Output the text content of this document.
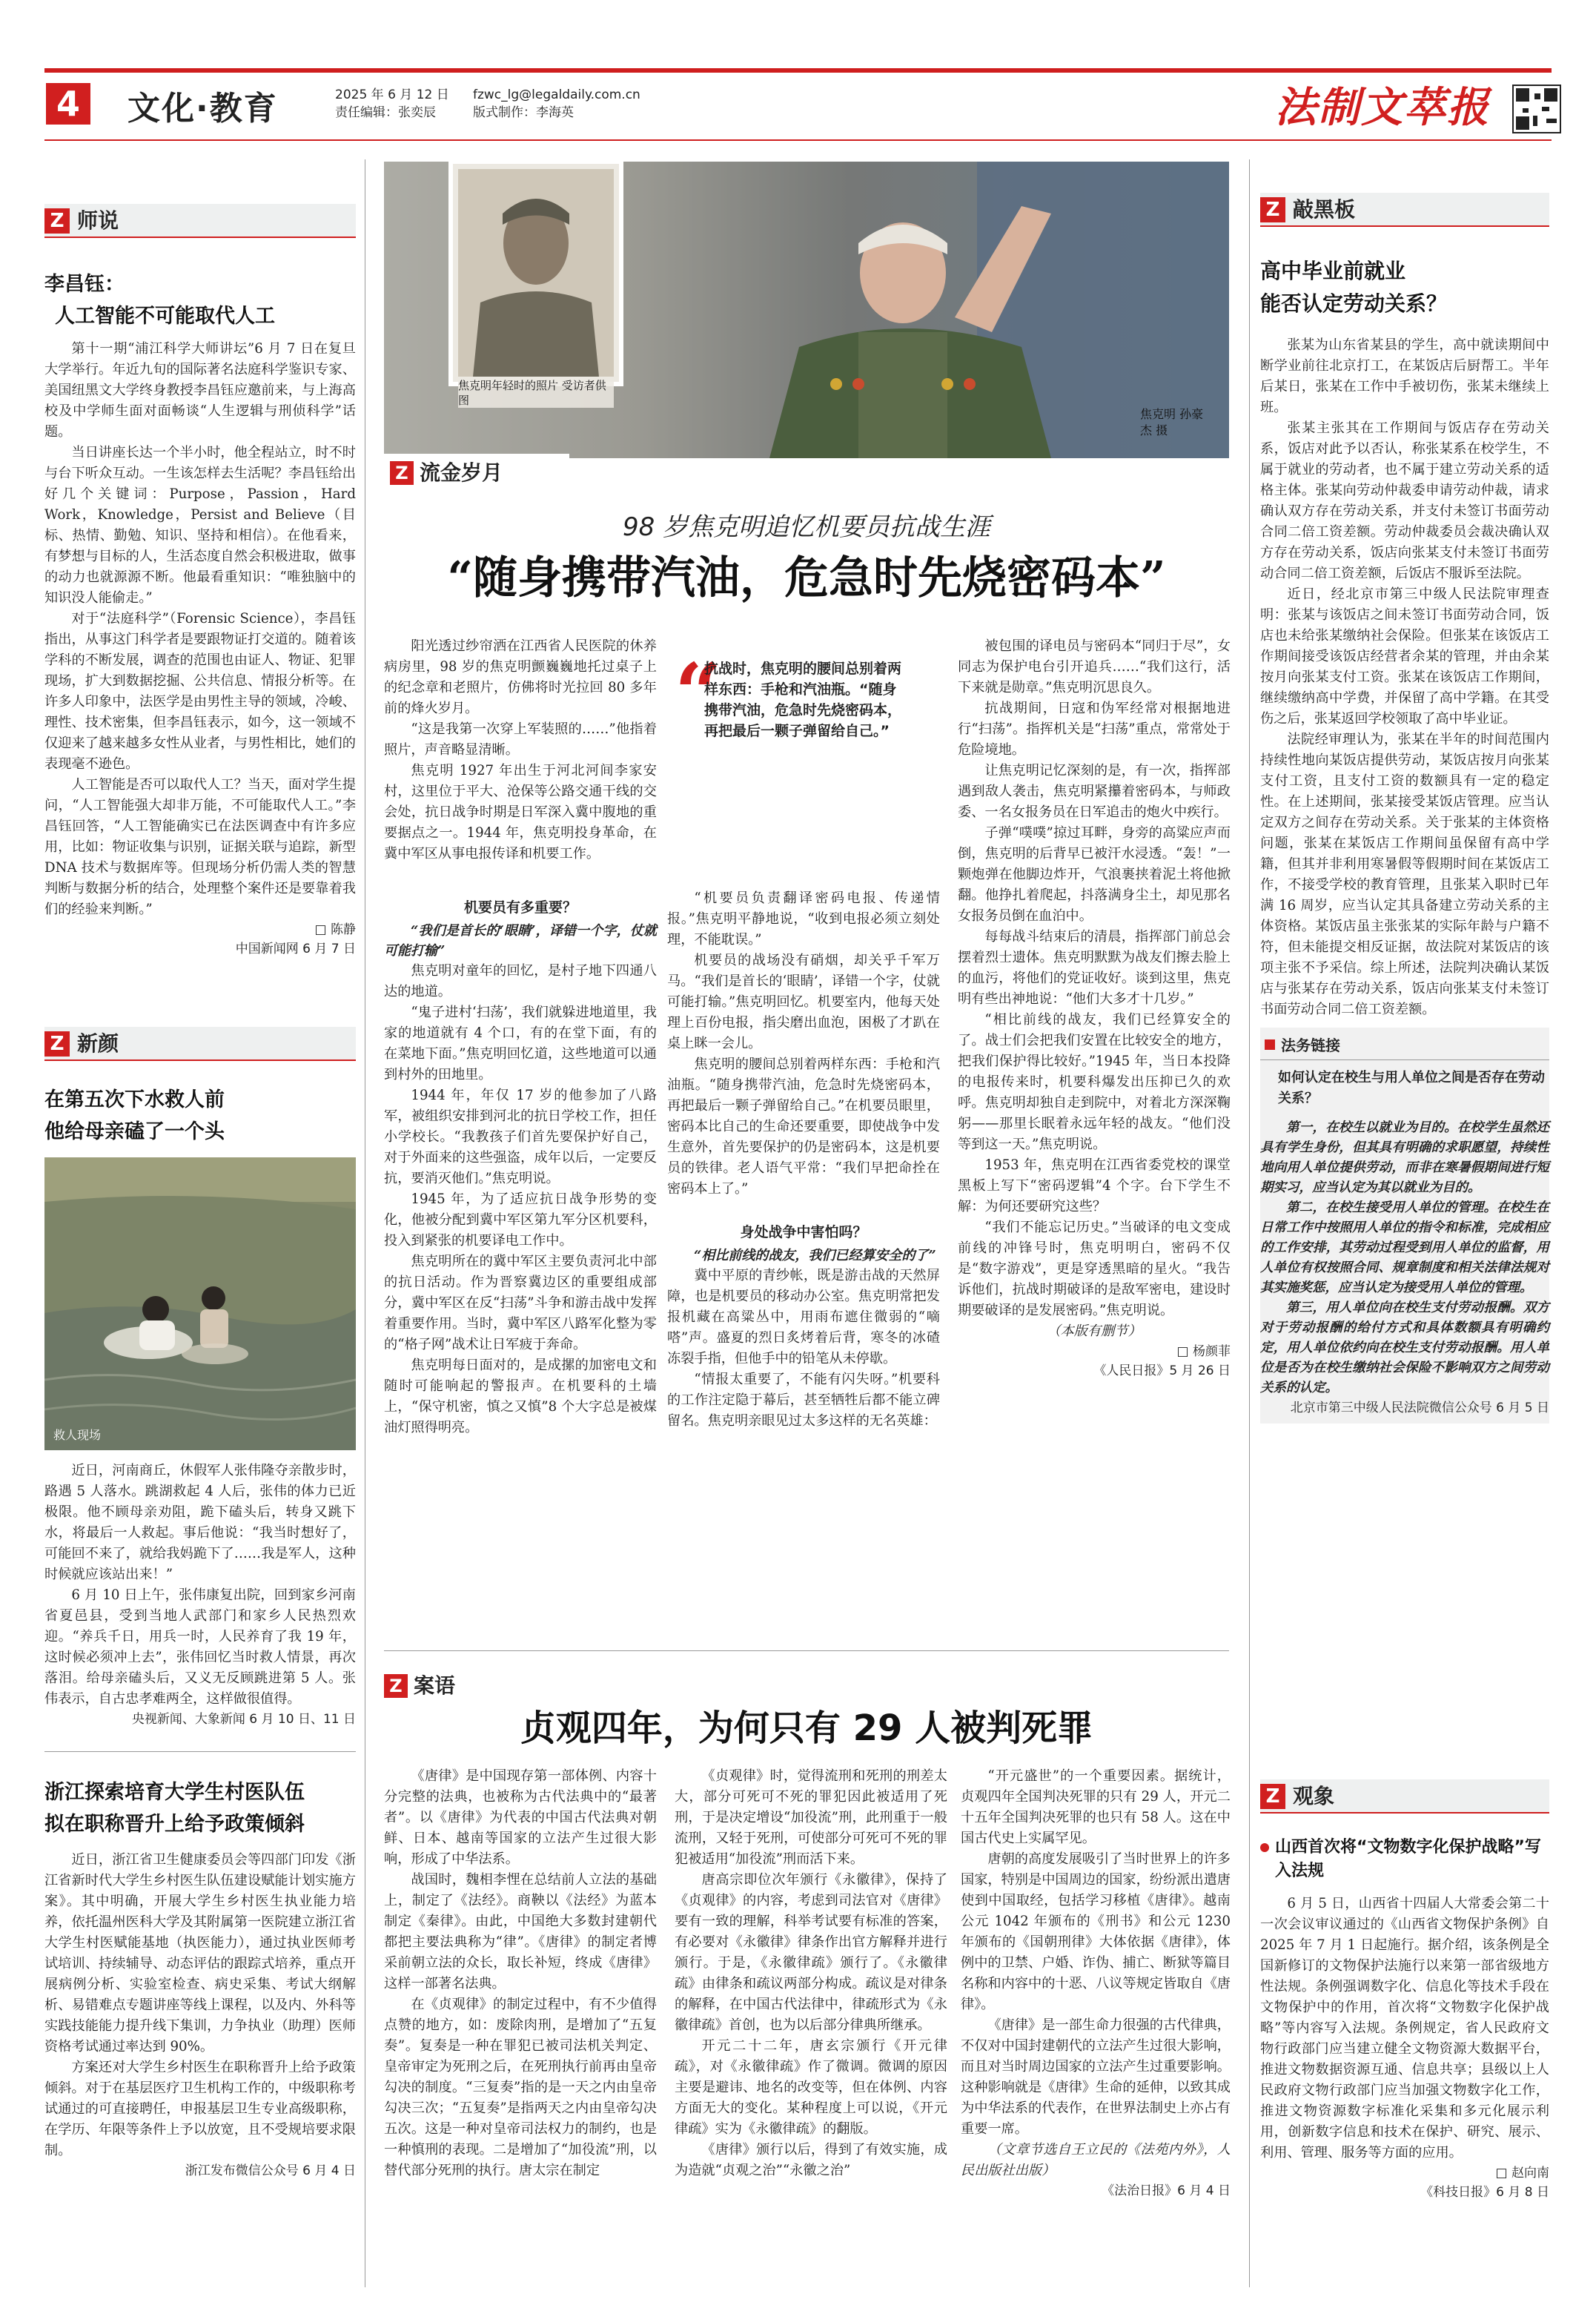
4	文化·教育	2025 年 6 月 12 日
责任编辑：张奕辰
fzwc_lg@legaldaily.com.cn
版式制作：李海英	法制文萃报
Z 师说
李昌钰：
人工智能不可能取代人工

第十一期“浦江科学大师讲坛”6 月 7 日在复旦大学举行。年近九旬的国际著名法庭科学鉴识专家、美国纽黑文大学终身教授李昌钰应邀前来，与上海高校及中学师生面对面畅谈“人生逻辑与刑侦科学”话题。

当日讲座长达一个半小时，他全程站立，时不时与台下听众互动。一生该怎样去生活呢？李昌钰给出好几个关键词：Purpose，Passion，Hard Work，Knowledge，Persist and Believe（目标、热情、勤勉、知识、坚持和相信）。在他看来，有梦想与目标的人，生活态度自然会积极进取，做事的动力也就源源不断。他最看重知识：“唯独脑中的知识没人能偷走。”

对于“法庭科学”（Forensic Science），李昌钰指出，从事这门科学者是要跟物证打交道的。随着该学科的不断发展，调查的范围也由证人、物证、犯罪现场，扩大到数据挖掘、公共信息、情报分析等。在许多人印象中，法医学是由男性主导的领域，冷峻、理性、技术密集，但李昌钰表示，如今，这一领域不仅迎来了越来越多女性从业者，与男性相比，她们的表现毫不逊色。

人工智能是否可以取代人工？当天，面对学生提问，“人工智能强大却非万能，不可能取代人工。”李昌钰回答，“人工智能确实已在法医调查中有许多应用，比如：物证收集与识别，证据关联与追踪，新型 DNA 技术与数据库等。但现场分析仍需人类的智慧判断与数据分析的结合，处理整个案件还是要靠着我们的经验来判断。”

□ 陈静
中国新闻网 6 月 7 日
Z 新颜
在第五次下水救人前
他给母亲磕了一个头
救人现场

近日，河南商丘，休假军人张伟隆夺亲散步时，路遇 5 人落水。跳湖救起 4 人后，张伟的体力已近极限。他不顾母亲劝阻，跪下磕头后，转身又跳下水，将最后一人救起。事后他说：“我当时想好了，可能回不来了，就给我妈跪下了……我是军人，这种时候就应该站出来！”

6 月 10 日上午，张伟康复出院，回到家乡河南省夏邑县，受到当地人武部门和家乡人民热烈欢迎。“养兵千日，用兵一时，人民养育了我 19 年，这时候必须冲上去”，张伟回忆当时救人情景，再次落泪。给母亲磕头后，又义无反顾跳进第 5 人。张伟表示，自古忠孝难两全，这样做很值得。

央视新闻、大象新闻 6 月 10 日、11 日
浙江探索培育大学生村医队伍
拟在职称晋升上给予政策倾斜

近日，浙江省卫生健康委员会等四部门印发《浙江省新时代大学生乡村医生队伍建设赋能计划实施方案》。其中明确，开展大学生乡村医生执业能力培养，依托温州医科大学及其附属第一医院建立浙江省大学生村医赋能基地（执医能力），通过执业医师考试培训、持续辅导、动态评估的跟踪式培养，重点开展病例分析、实验室检查、病史采集、考试大纲解析、易错难点专题讲座等线上课程，以及内、外科等实践技能能力提升线下集训，力争执业（助理）医师资格考试通过率达到 90%。

方案还对大学生乡村医生在职称晋升上给予政策倾斜。对于在基层医疗卫生机构工作的，中级职称考试通过的可直接聘任，申报基层卫生专业高级职称，在学历、年限等条件上予以放宽，且不受规培要求限制。

浙江发布微信公众号 6 月 4 日
焦克明年轻时的照片 受访者供图
焦克明 孙豪杰 摄
Z 流金岁月
98 岁焦克明追忆机要员抗战生涯
“随身携带汽油，危急时先烧密码本”

阳光透过纱帘洒在江西省人民医院的休养病房里，98 岁的焦克明颤巍巍地托过桌子上的纪念章和老照片，仿佛将时光拉回 80 多年前的烽火岁月。

“这是我第一次穿上军装照的……”他指着照片，声音略显清晰。

焦克明 1927 年出生于河北河间李家安村，这里位于平大、沧保等公路交通干线的交会处，抗日战争时期是日军深入冀中腹地的重要据点之一。1944 年，焦克明投身革命，在冀中军区从事电报传译和机要工作。

机要员有多重要？
“我们是首长的‘眼睛’，译错一个字，仗就可能打输”

焦克明对童年的回忆，是村子地下四通八达的地道。

“鬼子进村‘扫荡’，我们就躲进地道里，我家的地道就有 4 个口，有的在堂下面，有的在菜地下面。”焦克明回忆道，这些地道可以通到村外的田地里。

1944 年，年仅 17 岁的他参加了八路军，被组织安排到河北的抗日学校工作，担任小学校长。“我教孩子们首先要保护好自己，对于外面来的这些强盗，成年以后，一定要反抗，要消灭他们。”焦克明说。

1945 年，为了适应抗日战争形势的变化，他被分配到冀中军区第九军分区机要科，投入到紧张的机要译电工作中。

焦克明所在的冀中军区主要负责河北中部的抗日活动。作为晋察冀边区的重要组成部分，冀中军区在反“扫荡”斗争和游击战中发挥着重要作用。当时，冀中军区八路军化整为零的“格子网”战术让日军疲于奔命。

焦克明每日面对的，是成摞的加密电文和随时可能响起的警报声。在机要科的土墙上，“保守机密，慎之又慎”8 个大字总是被煤油灯照得明亮。

“
抗战时，焦克明的腰间总别着两样东西：手枪和汽油瓶。“随身携带汽油，危急时先烧密码本，再把最后一颗子弹留给自己。”

“机要员负责翻译密码电报、传递情报。”焦克明平静地说，“收到电报必须立刻处理，不能耽误。”

机要员的战场没有硝烟，却关乎千军万马。“我们是首长的‘眼睛’，译错一个字，仗就可能打输。”焦克明回忆。机要室内，他每天处理上百份电报，指尖磨出血泡，困极了才趴在桌上眯一会儿。

焦克明的腰间总别着两样东西：手枪和汽油瓶。“随身携带汽油，危急时先烧密码本，再把最后一颗子弹留给自己。”在机要员眼里，密码本比自己的生命还要重要，即使战争中发生意外，首先要保护的仍是密码本，这是机要员的铁律。老人语气平常：“我们早把命拴在密码本上了。”

身处战争中害怕吗？
“相比前线的战友，我们已经算安全的了”

冀中平原的青纱帐，既是游击战的天然屏障，也是机要员的移动办公室。焦克明常把发报机藏在高粱丛中，用雨布遮住微弱的“嘀嗒”声。盛夏的烈日炙烤着后背，寒冬的冰碴冻裂手指，但他手中的铅笔从未停歇。

“情报太重要了，不能有闪失呀。”机要科的工作注定隐于幕后，甚至牺牲后都不能立碑留名。焦克明亲眼见过太多这样的无名英雄：

被包围的译电员与密码本“同归于尽”，女同志为保护电台引开追兵……“我们这行，活下来就是勋章。”焦克明沉思良久。

抗战期间，日寇和伪军经常对根据地进行“扫荡”。指挥机关是“扫荡”重点，常常处于危险境地。

让焦克明记忆深刻的是，有一次，指挥部遇到敌人袭击，焦克明紧攥着密码本，与师政委、一名女报务员在日军追击的炮火中疾行。

子弹“噗噗”掠过耳畔，身旁的高粱应声而倒，焦克明的后背早已被汗水浸透。“轰！”一颗炮弹在他脚边炸开，气浪裹挟着泥土将他掀翻。他挣扎着爬起，抖落满身尘土，却见那名女报务员倒在血泊中。

每每战斗结束后的清晨，指挥部门前总会摆着烈士遗体。焦克明默默为战友们擦去脸上的血污，将他们的党证收好。谈到这里，焦克明有些出神地说：“他们大多才十几岁。”

“相比前线的战友，我们已经算安全的了。战士们会把我们安置在比较安全的地方，把我们保护得比较好。”1945 年，当日本投降的电报传来时，机要科爆发出压抑已久的欢呼。焦克明却独自走到院中，对着北方深深鞠躬——那里长眠着永远年轻的战友。“他们没等到这一天。”焦克明说。

1953 年，焦克明在江西省委党校的课堂黑板上写下“密码逻辑”4 个字。台下学生不解：为何还要研究这些？

“我们不能忘记历史。”当破译的电文变成前线的冲锋号时，焦克明明白，密码不仅是“数字游戏”，更是穿透黑暗的星火。“我告诉他们，抗战时期破译的是敌军密电，建设时期要破译的是发展密码。”焦克明说。

（本版有删节）

□ 杨颜菲
《人民日报》5 月 26 日
Z 案语
贞观四年，为何只有 29 人被判死罪

《唐律》是中国现存第一部体例、内容十分完整的法典，也被称为古代法典中的“最著者”。以《唐律》为代表的中国古代法典对朝鲜、日本、越南等国家的立法产生过很大影响，形成了中华法系。

战国时，魏相李悝在总结前人立法的基础上，制定了《法经》。商鞅以《法经》为蓝本制定《秦律》。由此，中国绝大多数封建朝代都把主要法典称为“律”。《唐律》的制定者博采前朝立法的众长，取长补短，终成《唐律》这样一部著名法典。

在《贞观律》的制定过程中，有不少值得点赞的地方，如：废除肉刑，是增加了“五复奏”。复奏是一种在罪犯已被司法机关判定、皇帝审定为死刑之后，在死刑执行前再由皇帝勾决的制度。“三复奏”指的是一天之内由皇帝勾决三次；“五复奏”是指两天之内由皇帝勾决五次。这是一种对皇帝司法权力的制约，也是一种慎刑的表现。二是增加了“加役流”刑，以替代部分死刑的执行。唐太宗在制定

《贞观律》时，觉得流刑和死刑的刑差太大，部分可死可不死的罪犯因此被适用了死刑，于是决定增设“加役流”刑，此刑重于一般流刑，又轻于死刑，可使部分可死可不死的罪犯被适用“加役流”刑而活下来。

唐高宗即位次年颁行《永徽律》，保持了《贞观律》的内容，考虑到司法官对《唐律》要有一致的理解，科举考试要有标准的答案，有必要对《永徽律》律条作出官方解释并进行颁行。于是，《永徽律疏》颁行了。《永徽律疏》由律条和疏议两部分构成。疏议是对律条的解释，在中国古代法律中，律疏形式为《永徽律疏》首创，也为以后部分律典所继承。

开元二十二年，唐玄宗颁行《开元律疏》，对《永徽律疏》作了微调。微调的原因主要是避讳、地名的改变等，但在体例、内容方面无大的变化。某种程度上可以说，《开元律疏》实为《永徽律疏》的翻版。

《唐律》颁行以后，得到了有效实施，成为造就“贞观之治”“永徽之治”

“开元盛世”的一个重要因素。据统计，贞观四年全国判决死罪的只有 29 人，开元二十五年全国判决死罪的也只有 58 人。这在中国古代史上实属罕见。

唐朝的高度发展吸引了当时世界上的许多国家，特别是中国周边的国家，纷纷派出遣唐使到中国取经，包括学习移植《唐律》。越南公元 1042 年颁布的《刑书》和公元 1230 年颁布的《国朝刑律》大体依据《唐律》，体例中的卫禁、户婚、诈伪、捕亡、断狱等篇目名称和内容中的十恶、八议等规定皆取自《唐律》。

《唐律》是一部生命力很强的古代律典，不仅对中国封建朝代的立法产生过很大影响，而且对当时周边国家的立法产生过重要影响。这种影响就是《唐律》生命的延伸，以致其成为中华法系的代表作，在世界法制史上亦占有重要一席。

（文章节选自王立民的《法苑内外》，人民出版社出版）

《法治日报》6 月 4 日
Z 敲黑板
高中毕业前就业
能否认定劳动关系？

张某为山东省某县的学生，高中就读期间中断学业前往北京打工，在某饭店后厨帮工。半年后某日，张某在工作中手被切伤，张某未继续上班。

张某主张其在工作期间与饭店存在劳动关系，饭店对此予以否认，称张某系在校学生，不属于就业的劳动者，也不属于建立劳动关系的适格主体。张某向劳动仲裁委申请劳动仲裁，请求确认双方存在劳动关系，并支付未签订书面劳动合同二倍工资差额。劳动仲裁委员会裁决确认双方存在劳动关系，饭店向张某支付未签订书面劳动合同二倍工资差额，后饭店不服诉至法院。

近日，经北京市第三中级人民法院审理查明：张某与该饭店之间未签订书面劳动合同，饭店也未给张某缴纳社会保险。但张某在该饭店工作期间接受该饭店经营者余某的管理，并由余某按月向张某支付工资。张某在该饭店工作期间，继续缴纳高中学费，并保留了高中学籍。在其受伤之后，张某返回学校领取了高中毕业证。

法院经审理认为，张某在半年的时间范围内持续性地向某饭店提供劳动，某饭店按月向张某支付工资，且支付工资的数额具有一定的稳定性。在上述期间，张某接受某饭店管理。应当认定双方之间存在劳动关系。关于张某的主体资格问题，张某在某饭店工作期间虽保留有高中学籍，但其并非利用寒暑假等假期时间在某饭店工作，不接受学校的教育管理，且张某入职时已年满 16 周岁，应当认定其具备建立劳动关系的主体资格。某饭店虽主张张某的实际年龄与户籍不符，但未能提交相反证据，故法院对某饭店的该项主张不予采信。综上所述，法院判决确认某饭店与张某存在劳动关系，饭店向张某支付未签订书面劳动合同二倍工资差额。

法务链接
如何认定在校生与用人单位之间是否存在劳动关系？

第一，在校生以就业为目的。在校学生虽然还具有学生身份，但其具有明确的求职愿望，持续性地向用人单位提供劳动，而非在寒暑假期间进行短期实习，应当认定为其以就业为目的。

第二，在校生接受用人单位的管理。在校生在日常工作中按照用人单位的指令和标准，完成相应的工作安排，其劳动过程受到用人单位的监督，用人单位有权按照合同、规章制度和相关法律法规对其实施奖惩，应当认定为接受用人单位的管理。

第三，用人单位向在校生支付劳动报酬。双方对于劳动报酬的给付方式和具体数额具有明确约定，用人单位依约向在校生支付劳动报酬。用人单位是否为在校生缴纳社会保险不影响双方之间劳动关系的认定。

北京市第三中级人民法院微信公众号 6 月 5 日
Z 观象
山西首次将“文物数字化保护战略”写入法规

6 月 5 日，山西省十四届人大常委会第二十一次会议审议通过的《山西省文物保护条例》自 2025 年 7 月 1 日起施行。据介绍，该条例是全国新修订的文物保护法施行以来第一部省级地方性法规。条例强调数字化、信息化等技术手段在文物保护中的作用，首次将“文物数字化保护战略”等内容写入法规。条例规定，省人民政府文物行政部门应当建立健全文物资源大数据平台，推进文物数据资源互通、信息共享；县级以上人民政府文物行政部门应当加强文物数字化工作，推进文物资源数字标准化采集和多元化展示利用，创新数字信息和技术在保护、研究、展示、利用、管理、服务等方面的应用。

□ 赵向南
《科技日报》6 月 8 日
